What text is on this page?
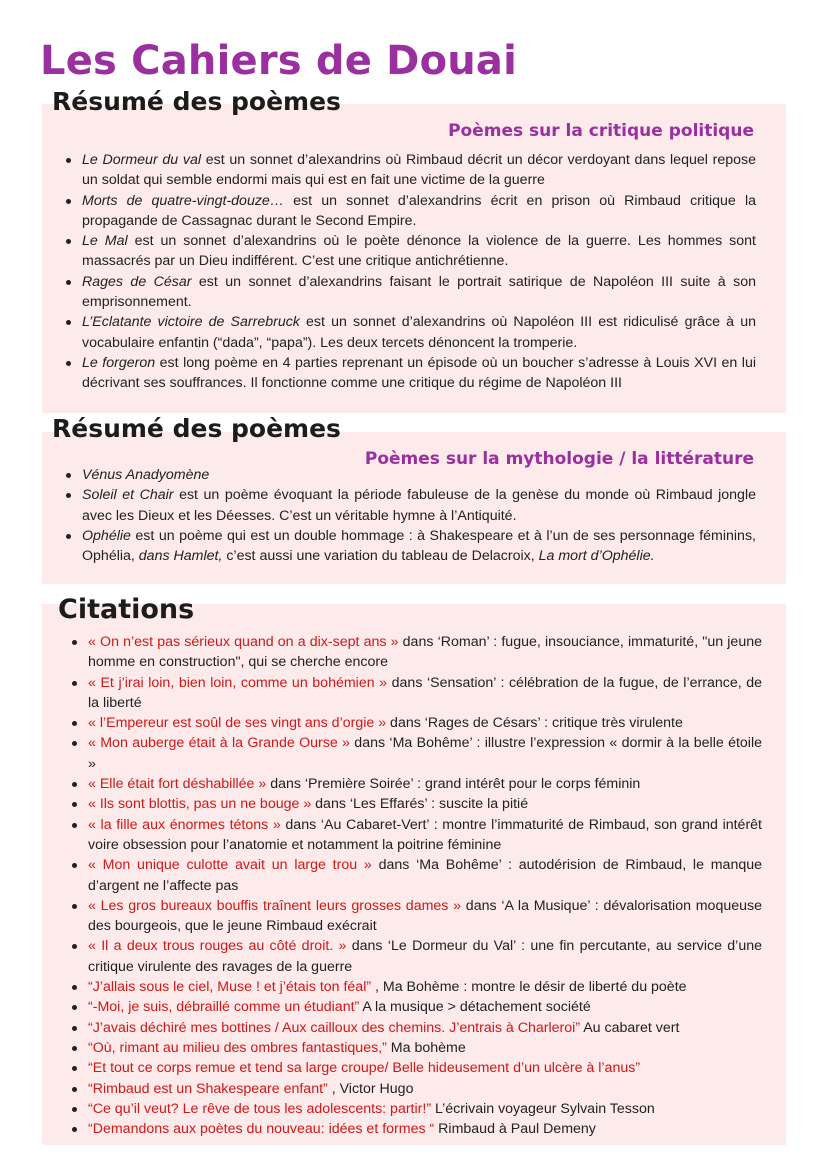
Les Cahiers de Douai
Résumé des poèmes
Poèmes sur la critique politique
Le Dormeur du val est un sonnet d’alexandrins où Rimbaud décrit un décor verdoyant dans lequel repose un soldat qui semble endormi mais qui est en fait une victime de la guerre
Morts de quatre-vingt-douze… est un sonnet d’alexandrins écrit en prison où Rimbaud critique la propagande de Cassagnac durant le Second Empire.
Le Mal est un sonnet d’alexandrins où le poète dénonce la violence de la guerre. Les hommes sont massacrés par un Dieu indifférent. C’est une critique antichrétienne.
Rages de César est un sonnet d’alexandrins faisant le portrait satirique de Napoléon III suite à son emprisonnement.
L’Eclatante victoire de Sarrebruck est un sonnet d’alexandrins où Napoléon III est ridiculisé grâce à un vocabulaire enfantin (“dada”, “papa”). Les deux tercets dénoncent la tromperie.
Le forgeron est long poème en 4 parties reprenant un épisode où un boucher s’adresse à Louis XVI en lui décrivant ses souffrances. Il fonctionne comme une critique du régime de Napoléon III
Résumé des poèmes
Poèmes sur la mythologie / la littérature
Vénus Anadyomène
Soleil et Chair est un poème évoquant la période fabuleuse de la genèse du monde où Rimbaud jongle avec les Dieux et les Déesses. C’est un véritable hymne à l’Antiquité.
Ophélie est un poème qui est un double hommage : à Shakespeare et à l’un de ses personnage féminins, Ophélia, dans Hamlet, c’est aussi une variation du tableau de Delacroix, La mort d’Ophélie.
Citations
« On n’est pas sérieux quand on a dix-sept ans » dans ‘Roman’ : fugue, insouciance, immaturité, "un jeune homme en construction", qui se cherche encore
« Et j’irai loin, bien loin, comme un bohémien » dans ‘Sensation’ : célébration de la fugue, de l’errance, de la liberté
« l’Empereur est soûl de ses vingt ans d’orgie » dans ‘Rages de Césars’ : critique très virulente
« Mon auberge était à la Grande Ourse » dans ‘Ma Bohême’ : illustre l’expression « dormir à la belle étoile »
« Elle était fort déshabillée » dans ‘Première Soirée’ : grand intérêt pour le corps féminin
« Ils sont blottis, pas un ne bouge » dans ‘Les Effarés’ : suscite la pitié
« la fille aux énormes tétons » dans ‘Au Cabaret-Vert’ : montre l’immaturité de Rimbaud, son grand intérêt voire obsession pour l’anatomie et notamment la poitrine féminine
« Mon unique culotte avait un large trou » dans ‘Ma Bohême’ : autodérision de Rimbaud, le manque d’argent ne l’affecte pas
« Les gros bureaux bouffis traînent leurs grosses dames » dans ‘A la Musique’ : dévalorisation moqueuse des bourgeois, que le jeune Rimbaud exécrait
« Il a deux trous rouges au côté droit. » dans ‘Le Dormeur du Val’ : une fin percutante, au service d’une critique virulente des ravages de la guerre
“J’allais sous le ciel, Muse ! et j’étais ton féal” , Ma Bohème : montre le désir de liberté du poète
“-Moi, je suis, débraillé comme un étudiant” A la musique > détachement société
“J’avais déchiré mes bottines / Aux cailloux des chemins. J’entrais à Charleroi” Au cabaret vert
“Où, rimant au milieu des ombres fantastiques,” Ma bohème
“Et tout ce corps remue et tend sa large croupe/ Belle hideusement d’un ulcère à l’anus”
“Rimbaud est un Shakespeare enfant” , Victor Hugo
“Ce qu’il veut? Le rêve de tous les adolescents: partir!” L’écrivain voyageur Sylvain Tesson
“Demandons aux poètes du nouveau: idées et formes “ Rimbaud à Paul Demeny
